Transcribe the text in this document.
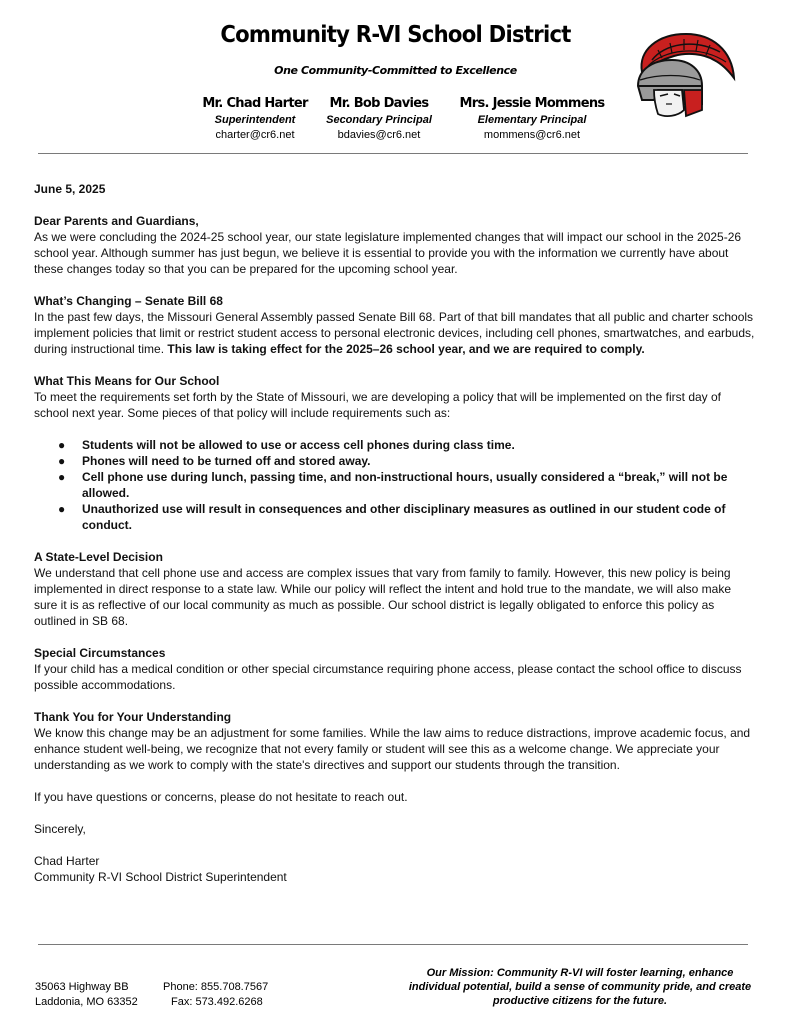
Community R-VI School District
One Community-Committed to Excellence
Mr. Chad Harter
Superintendent
charter@cr6.net
Mr. Bob Davies
Secondary Principal
bdavies@cr6.net
Mrs. Jessie Mommens
Elementary Principal
mommens@cr6.net

June 5, 2025

Dear Parents and Guardians,

As we were concluding the 2024-25 school year, our state legislature implemented changes that will impact our school in the 2025-26 school year. Although summer has just begun, we believe it is essential to provide you with the information we currently have about these changes today so that you can be prepared for the upcoming school year.

What’s Changing – Senate Bill 68

In the past few days, the Missouri General Assembly passed Senate Bill 68. Part of that bill mandates that all public and charter schools implement policies that limit or restrict student access to personal electronic devices, including cell phones, smartwatches, and earbuds, during instructional time. This law is taking effect for the 2025–26 school year, and we are required to comply.

What This Means for Our School

To meet the requirements set forth by the State of Missouri, we are developing a policy that will be implemented on the first day of school next year. Some pieces of that policy will include requirements such as:

● Students will not be allowed to use or access cell phones during class time.
● Phones will need to be turned off and stored away.
● Cell phone use during lunch, passing time, and non-instructional hours, usually considered a “break,” will not be allowed.
● Unauthorized use will result in consequences and other disciplinary measures as outlined in our student code of conduct.

A State-Level Decision

We understand that cell phone use and access are complex issues that vary from family to family. However, this new policy is being implemented in direct response to a state law. While our policy will reflect the intent and hold true to the mandate, we will also make sure it is as reflective of our local community as much as possible. Our school district is legally obligated to enforce this policy as outlined in SB 68.

Special Circumstances

If your child has a medical condition or other special circumstance requiring phone access, please contact the school office to discuss possible accommodations.

Thank You for Your Understanding

We know this change may be an adjustment for some families. While the law aims to reduce distractions, improve academic focus, and enhance student well-being, we recognize that not every family or student will see this as a welcome change. We appreciate your understanding as we work to comply with the state's directives and support our students through the transition.

If you have questions or concerns, please do not hesitate to reach out.

Sincerely,

Chad Harter

Community R-VI School District Superintendent

35063 Highway BB
Laddonia, MO 63352
Phone: 855.708.7567
Fax: 573.492.6268
Our Mission: Community R-VI will foster learning, enhance individual potential, build a sense of community pride, and create productive citizens for the future.
